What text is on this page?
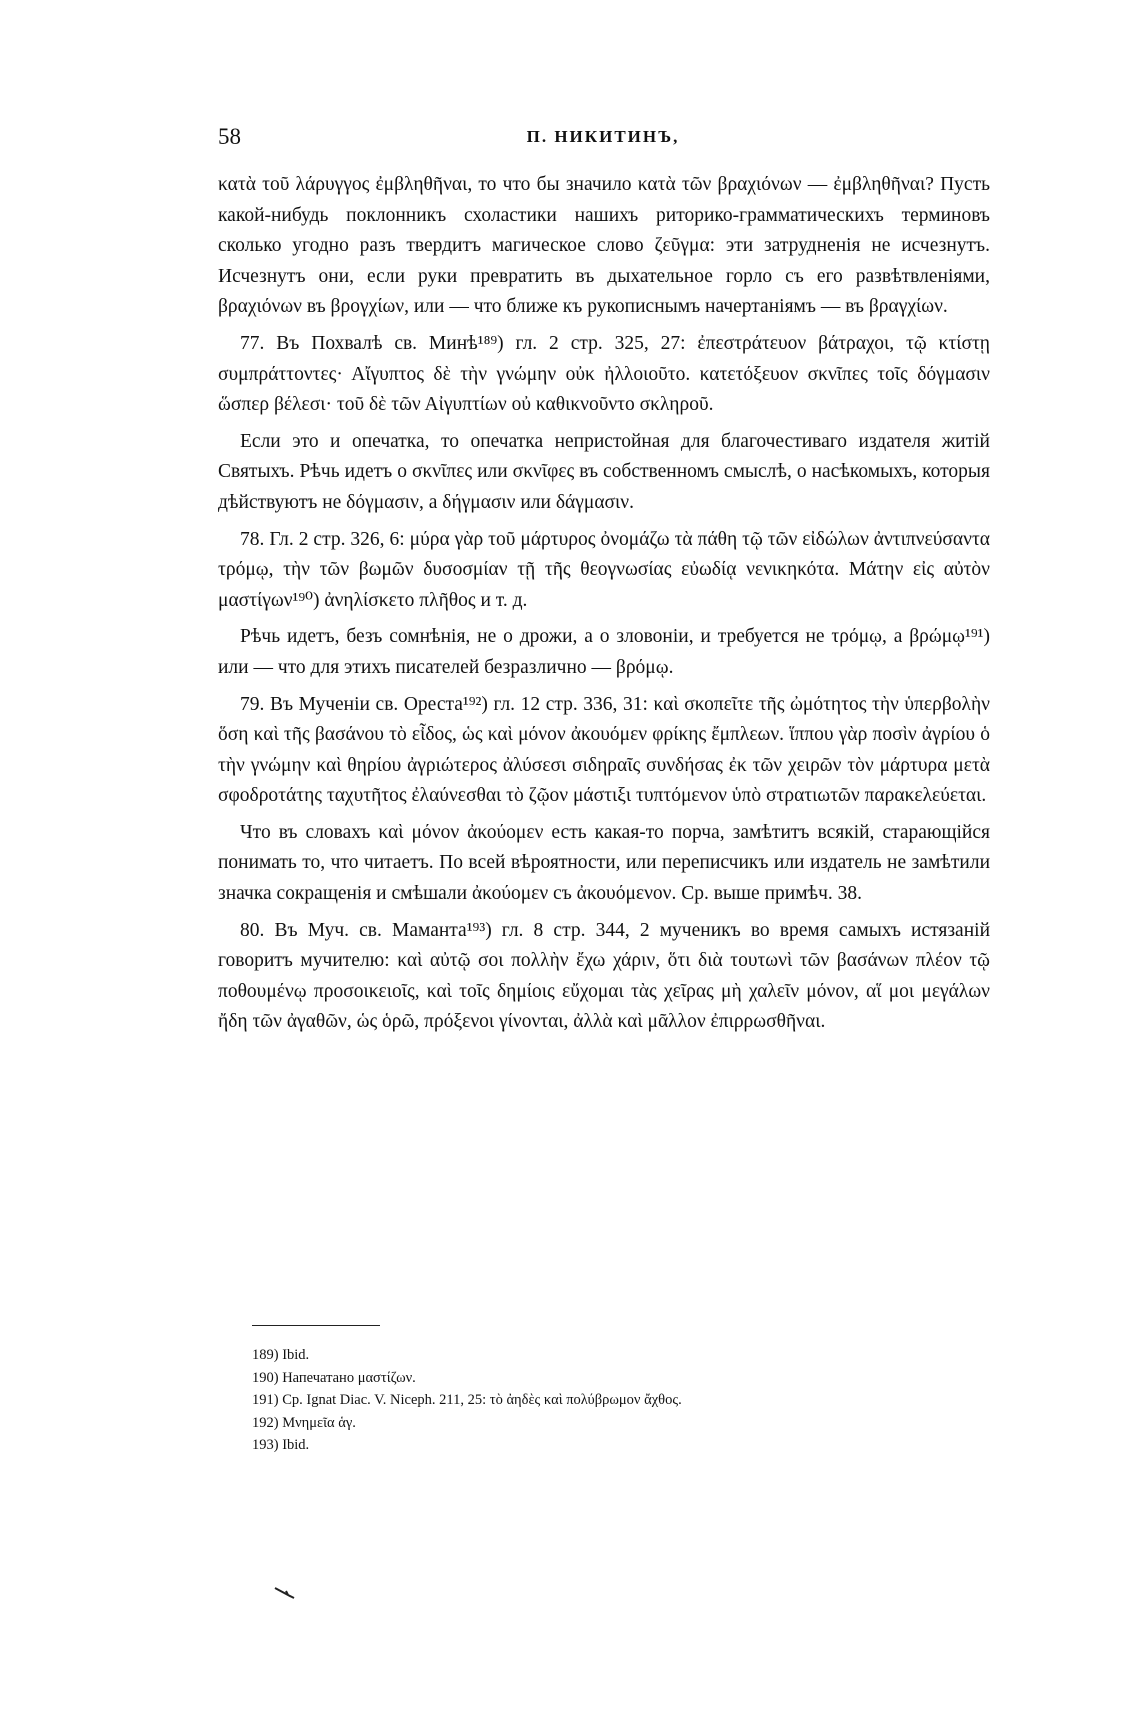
58	П. НИКИТИНЪ,

κατὰ τοῦ λάρυγγος ἐμβληθῆναι, то что бы значило κατὰ τῶν βραχιόνων — ἐμβληθῆναι? Пусть какой-нибудь поклонникъ схоластики нашихъ риторико-грамматическихъ терминовъ сколько угодно разъ твердитъ магическое слово ζεῦγμα: эти затрудненія не исчезнутъ. Исчезнутъ они, если руки превратить въ дыхательное горло съ его развѣтвленіями, βραχιόνων въ βρογχίων, или — что ближе къ рукописнымъ начертаніямъ — въ βραγχίων.

77. Въ Похвалѣ св. Минѣ¹⁸⁹) гл. 2 стр. 325, 27: ἐπεστράτευον βάτραχοι, τῷ κτίστῃ συμπράττοντες· Αἴγυπτος δὲ τὴν γνώμην οὐκ ἠλλοιοῦτο. κατετόξευον σκνῖπες τοῖς δόγμασιν ὥσπερ βέλεσι· τοῦ δὲ τῶν Αἰγυπτίων οὐ καθικνοῦντο σκληροῦ.

Если это и опечатка, то опечатка непристойная для благочестиваго издателя житій Святыхъ. Рѣчь идетъ о σκνῖπες или σκνῖφες въ собственномъ смыслѣ, о насѣкомыхъ, которыя дѣйствуютъ не δόγμασιν, а δήγμασιν или δάγμασιν.

78. Гл. 2 стр. 326, 6: μύρα γὰρ τοῦ μάρτυρος ὀνομάζω τὰ πάθη τῷ τῶν εἰδώλων ἀντιπνεύσαντα τρόμῳ, τὴν τῶν βωμῶν δυσοσμίαν τῇ τῆς θεογνωσίας εὐωδίᾳ νενικηκότα. Μάτην εἰς αὐτὸν μαστίγων¹⁹⁰) ἀνηλίσκετο πλῆθος и т. д.

Рѣчь идетъ, безъ сомнѣнія, не о дрожи, а о зловоніи, и требуется не τρόμῳ, а βρώμῳ¹⁹¹) или — что для этихъ писателей безразлично — βρόμῳ.

79. Въ Мученіи св. Ореста¹⁹²) гл. 12 стр. 336, 31: καὶ σκοπεῖτε τῆς ὠμότητος τὴν ὑπερβολὴν ὅση καὶ τῆς βασάνου τὸ εἶδος, ὡς καὶ μόνον ἀκουόμεν φρίκης ἔμπλεων. ἵππου γὰρ ποσὶν ἀγρίου ὁ τὴν γνώμην καὶ θηρίου ἀγριώτερος ἀλύσεσι σιδηραῖς συνδήσας ἐκ τῶν χειρῶν τὸν μάρτυρα μετὰ σφοδροτάτης ταχυτῆτος ἐλαύνεσθαι τὸ ζῷον μάστιξι τυπτόμενον ὑπὸ στρατιωτῶν παρακελεύεται.

Что въ словахъ καὶ μόνον ἀκούομεν есть какая-то порча, замѣтитъ всякій, старающійся понимать то, что читаетъ. По всей вѣроятности, или переписчикъ или издатель не замѣтили значка сокращенія и смѣшали ἀκούομεν съ ἀκουόμενον. Ср. выше примѣч. 38.

80. Въ Муч. св. Маманта¹⁹³) гл. 8 стр. 344, 2 мученикъ во время самыхъ истязаній говоритъ мучителю: καὶ αὐτῷ σοι πολλὴν ἔχω χάριν, ὅτι διὰ τουτωνὶ τῶν βασάνων πλέον τῷ ποθουμένῳ προσοικειοῖς, καὶ τοῖς δημίοις εὔχομαι τὰς χεῖρας μὴ χαλεῖν μόνον, αἵ μοι μεγάλων ἤδη τῶν ἀγαθῶν, ὡς ὁρῶ, πρόξενοι γίνονται, ἀλλὰ καὶ μᾶλλον ἐπιρρωσθῆναι.

189) Ibid.
190) Напечатано μαστίζων.
191) Ср. Ignat Diac. V. Niceph. 211, 25: τὸ ἀηδὲς καὶ πολύβρωμον ἄχθος.
192) Μνημεῖα ἁγ.
193) Ibid.
